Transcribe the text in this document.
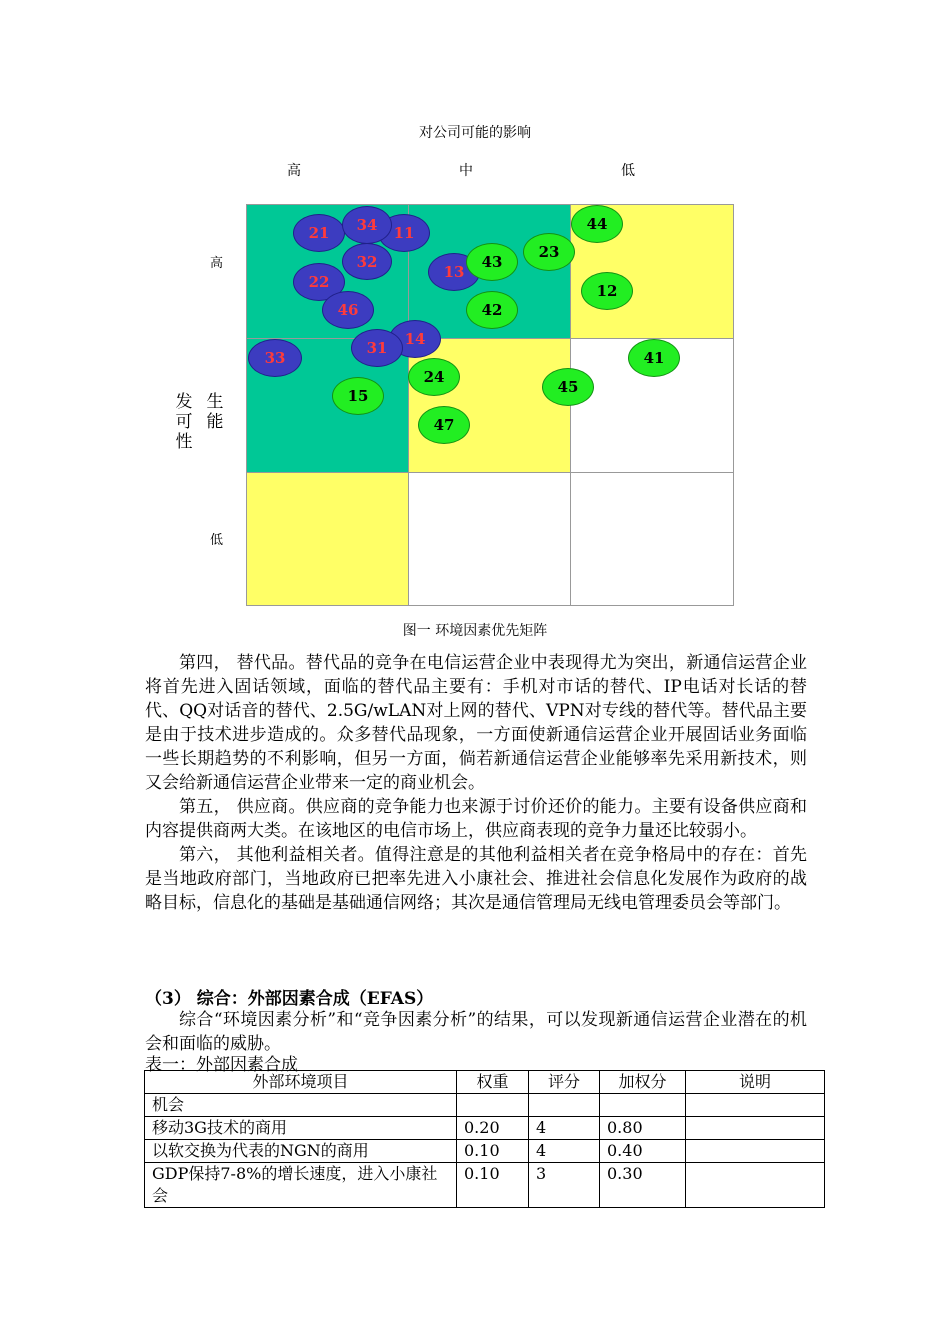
对公司可能的影响
高	中	低
高
低
发可性
生能
21	11
34
32
22
46
13
14
31
33
43
23
44
12
42
41
24
45
15
47
图一 环境因素优先矩阵

第四， 替代品。替代品的竞争在电信运营企业中表现得尤为突出，新通信运营企业将首先进入固话领域，面临的替代品主要有：手机对市话的替代、IP电话对长话的替代、QQ对话音的替代、2.5G/wLAN对上网的替代、VPN对专线的替代等。替代品主要是由于技术进步造成的。众多替代品现象，一方面使新通信运营企业开展固话业务面临一些长期趋势的不利影响，但另一方面，倘若新通信运营企业能够率先采用新技术，则又会给新通信运营企业带来一定的商业机会。

第五， 供应商。供应商的竞争能力也来源于讨价还价的能力。主要有设备供应商和内容提供商两大类。在该地区的电信市场上，供应商表现的竞争力量还比较弱小。

第六， 其他利益相关者。值得注意是的其他利益相关者在竞争格局中的存在：首先是当地政府部门，当地政府已把率先进入小康社会、推进社会信息化发展作为政府的战略目标，信息化的基础是基础通信网络；其次是通信管理局无线电管理委员会等部门。

（3） 综合：外部因素合成（EFAS）

综合“环境因素分析”和“竞争因素分析”的结果，可以发现新通信运营企业潜在的机会和面临的威胁。

表一：外部因素合成
外部环境项目	权重	评分	加权分	说明
机会				
移动3G技术的商用	0.20	4	0.80	
以软交换为代表的NGN的商用	0.10	4	0.40	
GDP保持7-8%的增长速度，进入小康社会	0.10	3	0.30	
